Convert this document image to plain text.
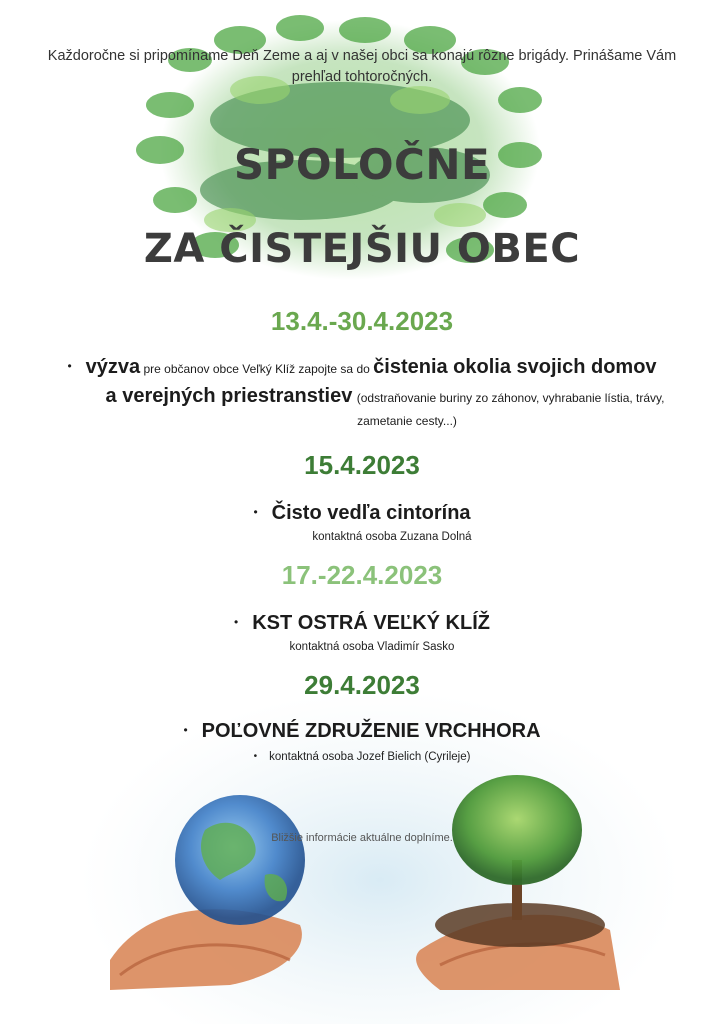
Každoročne si pripomíname Deň Zeme a aj v našej obci sa konajú rôzne brigády. Prinášame Vám prehľad tohtoročných.
SPOLOČNE
ZA ČISTEJŠIU OBEC
13.4.-30.4.2023
• výzva pre občanov obce Veľký Klíž zapojte sa do čistenia okolia svojich domov
a verejných priestranstiev (odstraňovanie buriny zo záhonov, vyhrabanie lístia, trávy,
zametanie cesty...)
15.4.2023
• Čisto vedľa cintorína
kontaktná osoba Zuzana Dolná
17.-22.4.2023
• KST OSTRÁ VEĽKÝ KLÍŽ
kontaktná osoba Vladimír Sasko
29.4.2023
• POĽOVNÉ ZDRUŽENIE VRCHHORA
• kontaktná osoba Jozef Bielich (Cyrileje)
Bližšie informácie aktuálne doplníme.
